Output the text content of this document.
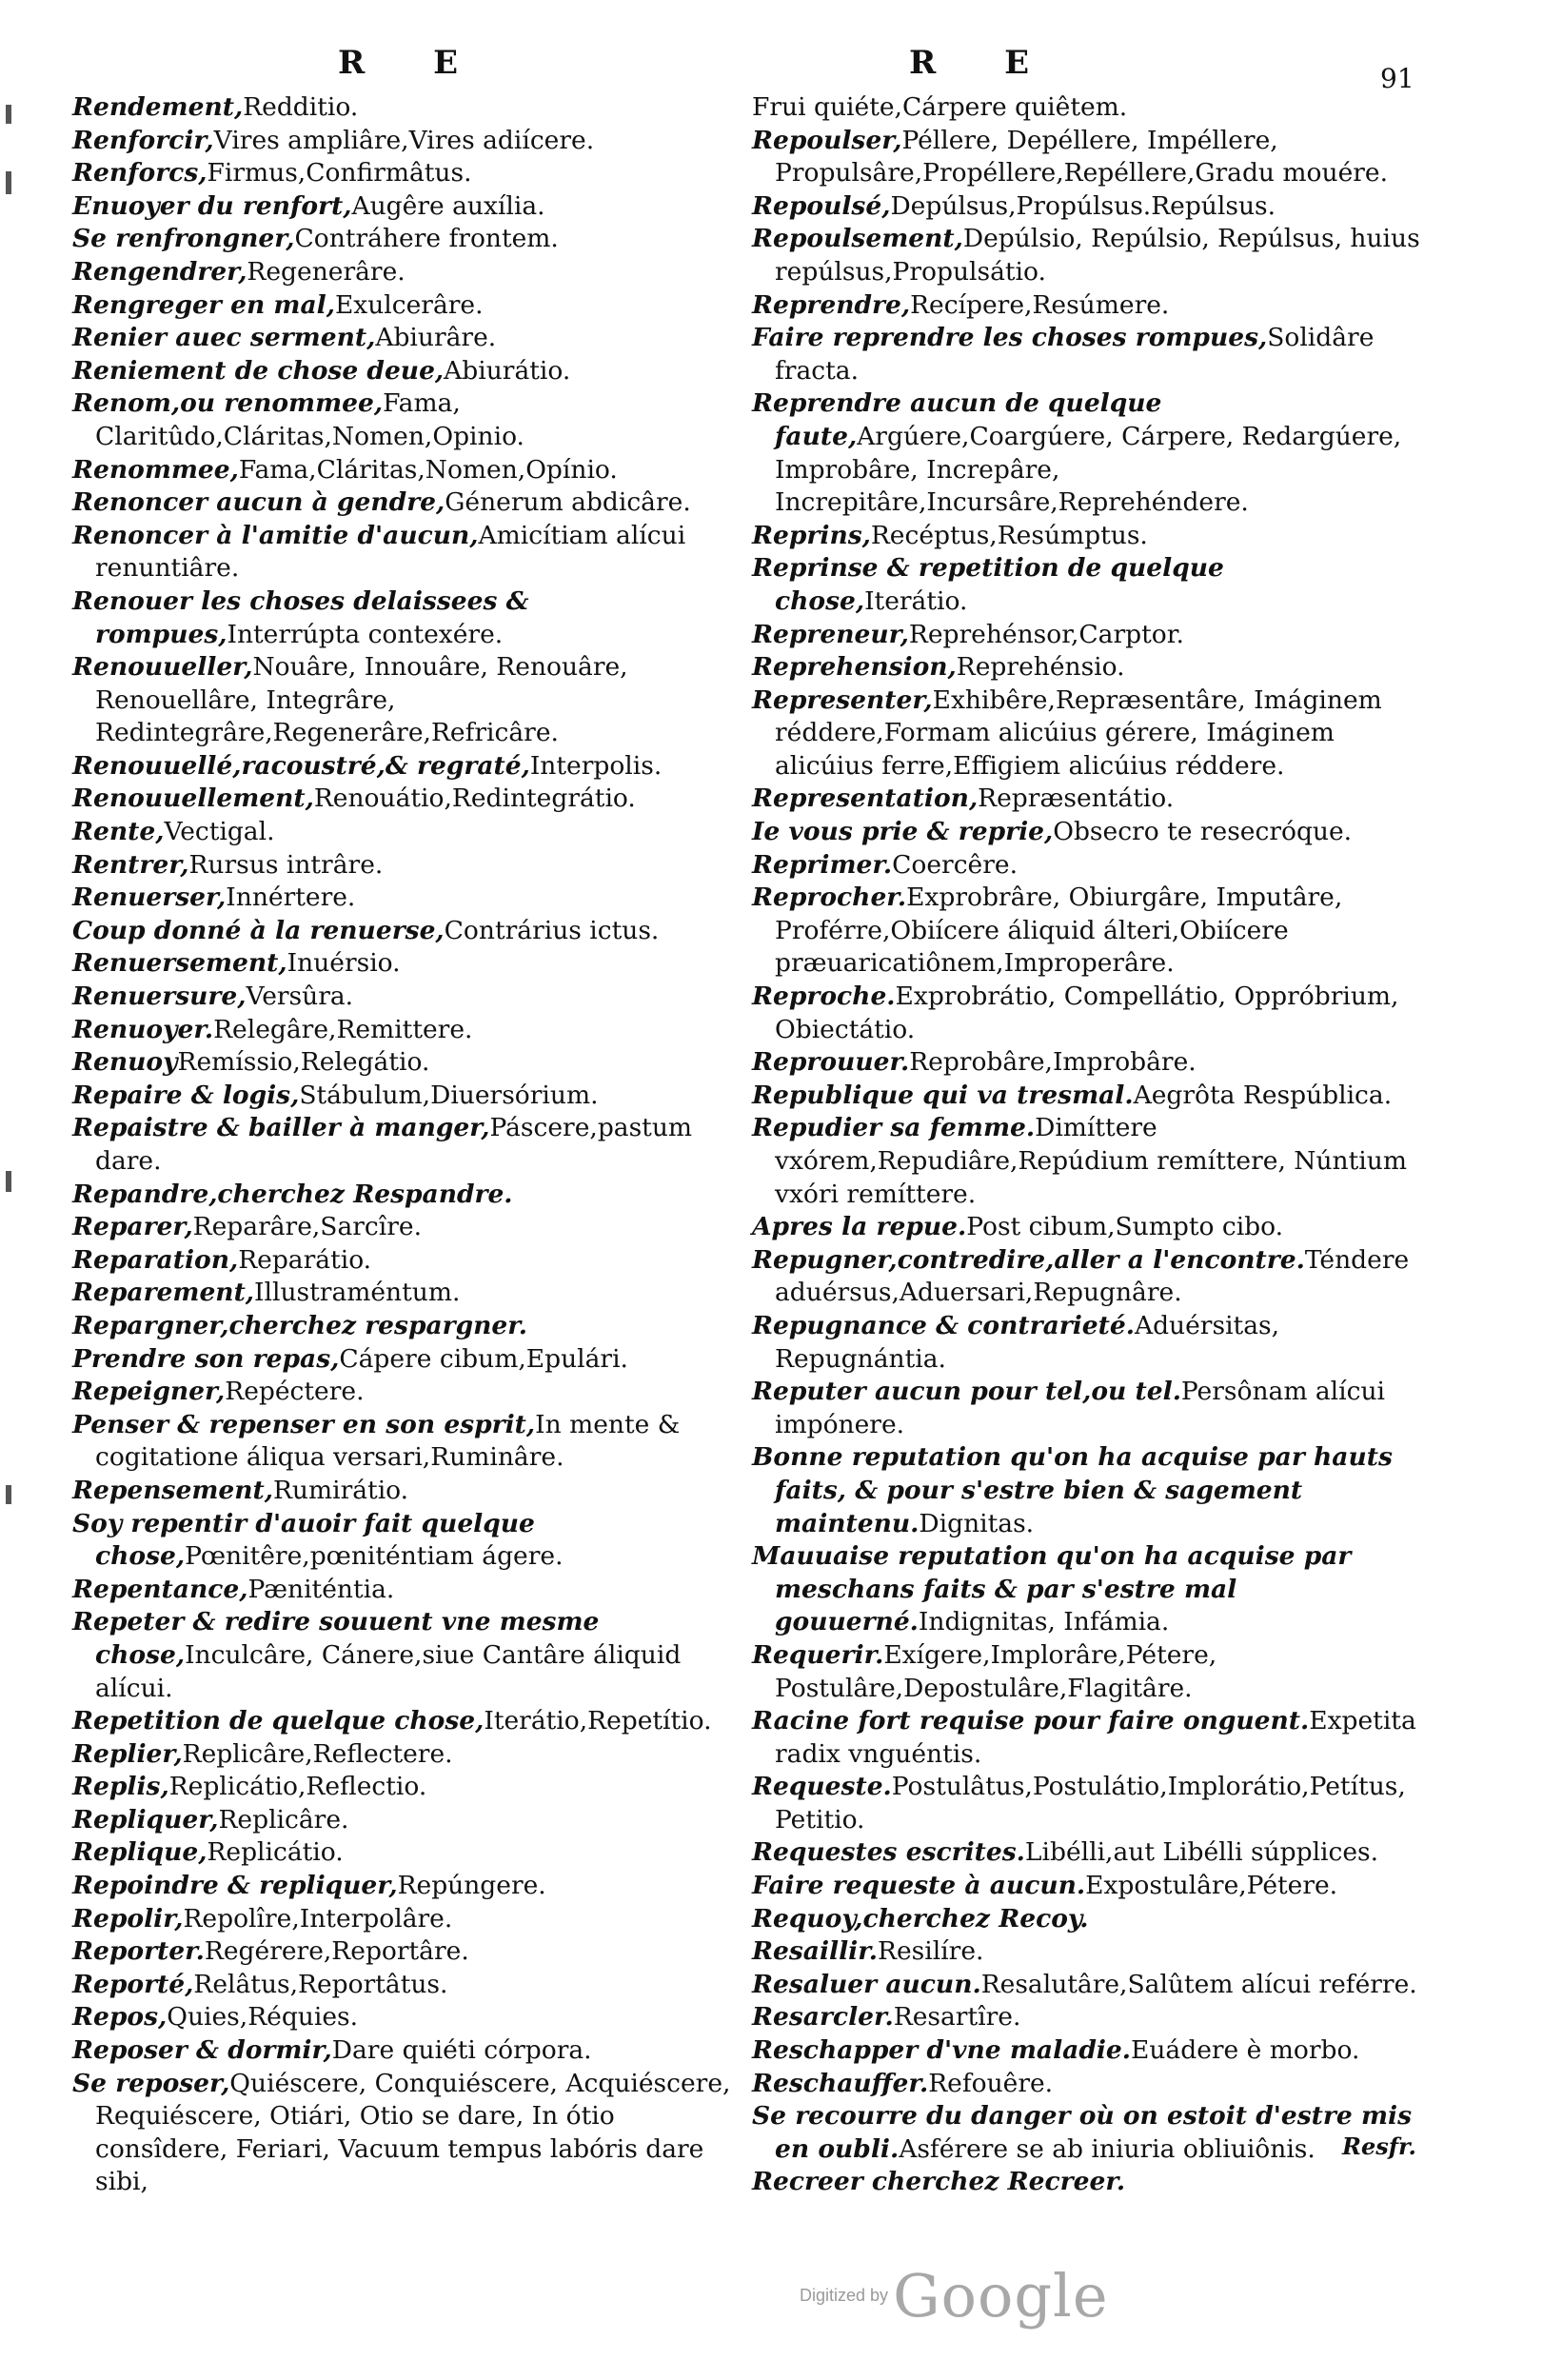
R E	R E	91

Rendement,Redditio.

Renforcir,Vires ampliâre,Vires adiícere.

Renforcs,Firmus,Confirmâtus.

Enuoyer du renfort,Augêre auxília.

Se renfrongner,Contráhere frontem.

Rengendrer,Regenerâre.

Rengreger en mal,Exulcerâre.

Renier auec serment,Abiurâre.

Reniement de chose deue,Abiurátio.

Renom,ou renommee,Fama, Claritûdo,Cláritas,Nomen,Opinio.

Renommee,Fama,Cláritas,Nomen,Opínio.

Renoncer aucun à gendre,Génerum abdicâre.

Renoncer à l'amitie d'aucun,Amicítiam alícui renuntiâre.

Renouer les choses delaissees & rompues,Interrúpta contexére.

Renouueller,Nouâre, Innouâre, Renouâre, Renouellâre, Integrâre, Redintegrâre,Regenerâre,Refricâre.

Renouuellé,racoustré,& regraté,Interpolis.

Renouuellement,Renouátio,Redintegrátio.

Rente,Vectigal.

Rentrer,Rursus intrâre.

Renuerser,Innértere.

Coup donné à la renuerse,Contrárius ictus.

Renuersement,Inuérsio.

Renuersure,Versûra.

Renuoyer.Relegâre,Remittere.

RenuoyRemíssio,Relegátio.

Repaire & logis,Stábulum,Diuersórium.

Repaistre & bailler à manger,Páscere,pastum dare.

Repandre,cherchez Respandre.

Reparer,Reparâre,Sarcîre.

Reparation,Reparátio.

Reparement,Illustraméntum.

Repargner,cherchez respargner.

Prendre son repas,Cápere cibum,Epulári.

Repeigner,Repéctere.

Penser & repenser en son esprit,In mente & cogitatione áliqua versari,Ruminâre.

Repensement,Rumirátio.

Soy repentir d'auoir fait quelque chose,Pœnitêre,pœniténtiam ágere.

Repentance,Pæniténtia.

Repeter & redire souuent vne mesme chose,Inculcâre, Cánere,siue Cantâre áliquid alícui.

Repetition de quelque chose,Iterátio,Repetítio.

Replier,Replicâre,Reflectere.

Replis,Replicátio,Reflectio.

Repliquer,Replicâre.

Replique,Replicátio.

Repoindre & repliquer,Repúngere.

Repolir,Repolîre,Interpolâre.

Reporter.Regérere,Reportâre.

Reporté,Relâtus,Reportâtus.

Repos,Quies,Réquies.

Reposer & dormir,Dare quiéti córpora.

Se reposer,Quiéscere, Conquiéscere, Acquiéscere, Requiéscere, Otiári, Otio se dare, In ótio consîdere, Feriari, Vacuum tempus labóris dare sibi,

Frui quiéte,Cárpere quiêtem.

Repoulser,Péllere, Depéllere, Impéllere, Propulsâre,Propéllere,Repéllere,Gradu mouére.

Repoulsé,Depúlsus,Propúlsus.Repúlsus.

Repoulsement,Depúlsio, Repúlsio, Repúlsus, huius repúlsus,Propulsátio.

Reprendre,Recípere,Resúmere.

Faire reprendre les choses rompues,Solidâre fracta.

Reprendre aucun de quelque faute,Argúere,Coargúere, Cárpere, Redargúere, Improbâre, Increpâre, Increpitâre,Incursâre,Reprehéndere.

Reprins,Recéptus,Resúmptus.

Reprinse & repetition de quelque chose,Iterátio.

Repreneur,Reprehénsor,Carptor.

Reprehension,Reprehénsio.

Representer,Exhibêre,Repræsentâre, Imáginem réddere,Formam alicúius gérere, Imáginem alicúius ferre,Effigiem alicúius réddere.

Representation,Repræsentátio.

Ie vous prie & reprie,Obsecro te resecróque.

Reprimer.Coercêre.

Reprocher.Exprobrâre, Obiurgâre, Imputâre, Proférre,Obiícere áliquid álteri,Obiícere præuaricatiônem,Improperâre.

Reproche.Exprobrátio, Compellátio, Oppróbrium, Obiectátio.

Reprouuer.Reprobâre,Improbâre.

Republique qui va tresmal.Aegrôta Respública.

Repudier sa femme.Dimíttere vxórem,Repudiâre,Repúdium remíttere, Núntium vxóri remíttere.

Apres la repue.Post cibum,Sumpto cibo.

Repugner,contredire,aller a l'encontre.Téndere aduérsus,Aduersari,Repugnâre.

Repugnance & contrarieté.Aduérsitas, Repugnántia.

Reputer aucun pour tel,ou tel.Persônam alícui impónere.

Bonne reputation qu'on ha acquise par hauts faits, & pour s'estre bien & sagement maintenu.Dignitas.

Mauuaise reputation qu'on ha acquise par meschans faits & par s'estre mal gouuerné.Indignitas, Infámia.

Requerir.Exígere,Implorâre,Pétere, Postulâre,Depostulâre,Flagitâre.

Racine fort requise pour faire onguent.Expetita radix vnguéntis.

Requeste.Postulâtus,Postulátio,Implorátio,Petítus, Petitio.

Requestes escrites.Libélli,aut Libélli súpplices.

Faire requeste à aucun.Expostulâre,Pétere.

Requoy,cherchez Recoy.

Resaillir.Resilíre.

Resaluer aucun.Resalutâre,Salûtem alícui reférre.

Resarcler.Resartîre.

Reschapper d'vne maladie.Euádere è morbo.

Reschauffer.Refouêre.

Se recourre du danger où on estoit d'estre mis en oubli.Asférere se ab iniuria obliuiônis.

Recreer cherchez Recreer.

Resfr.
Digitized by Google
